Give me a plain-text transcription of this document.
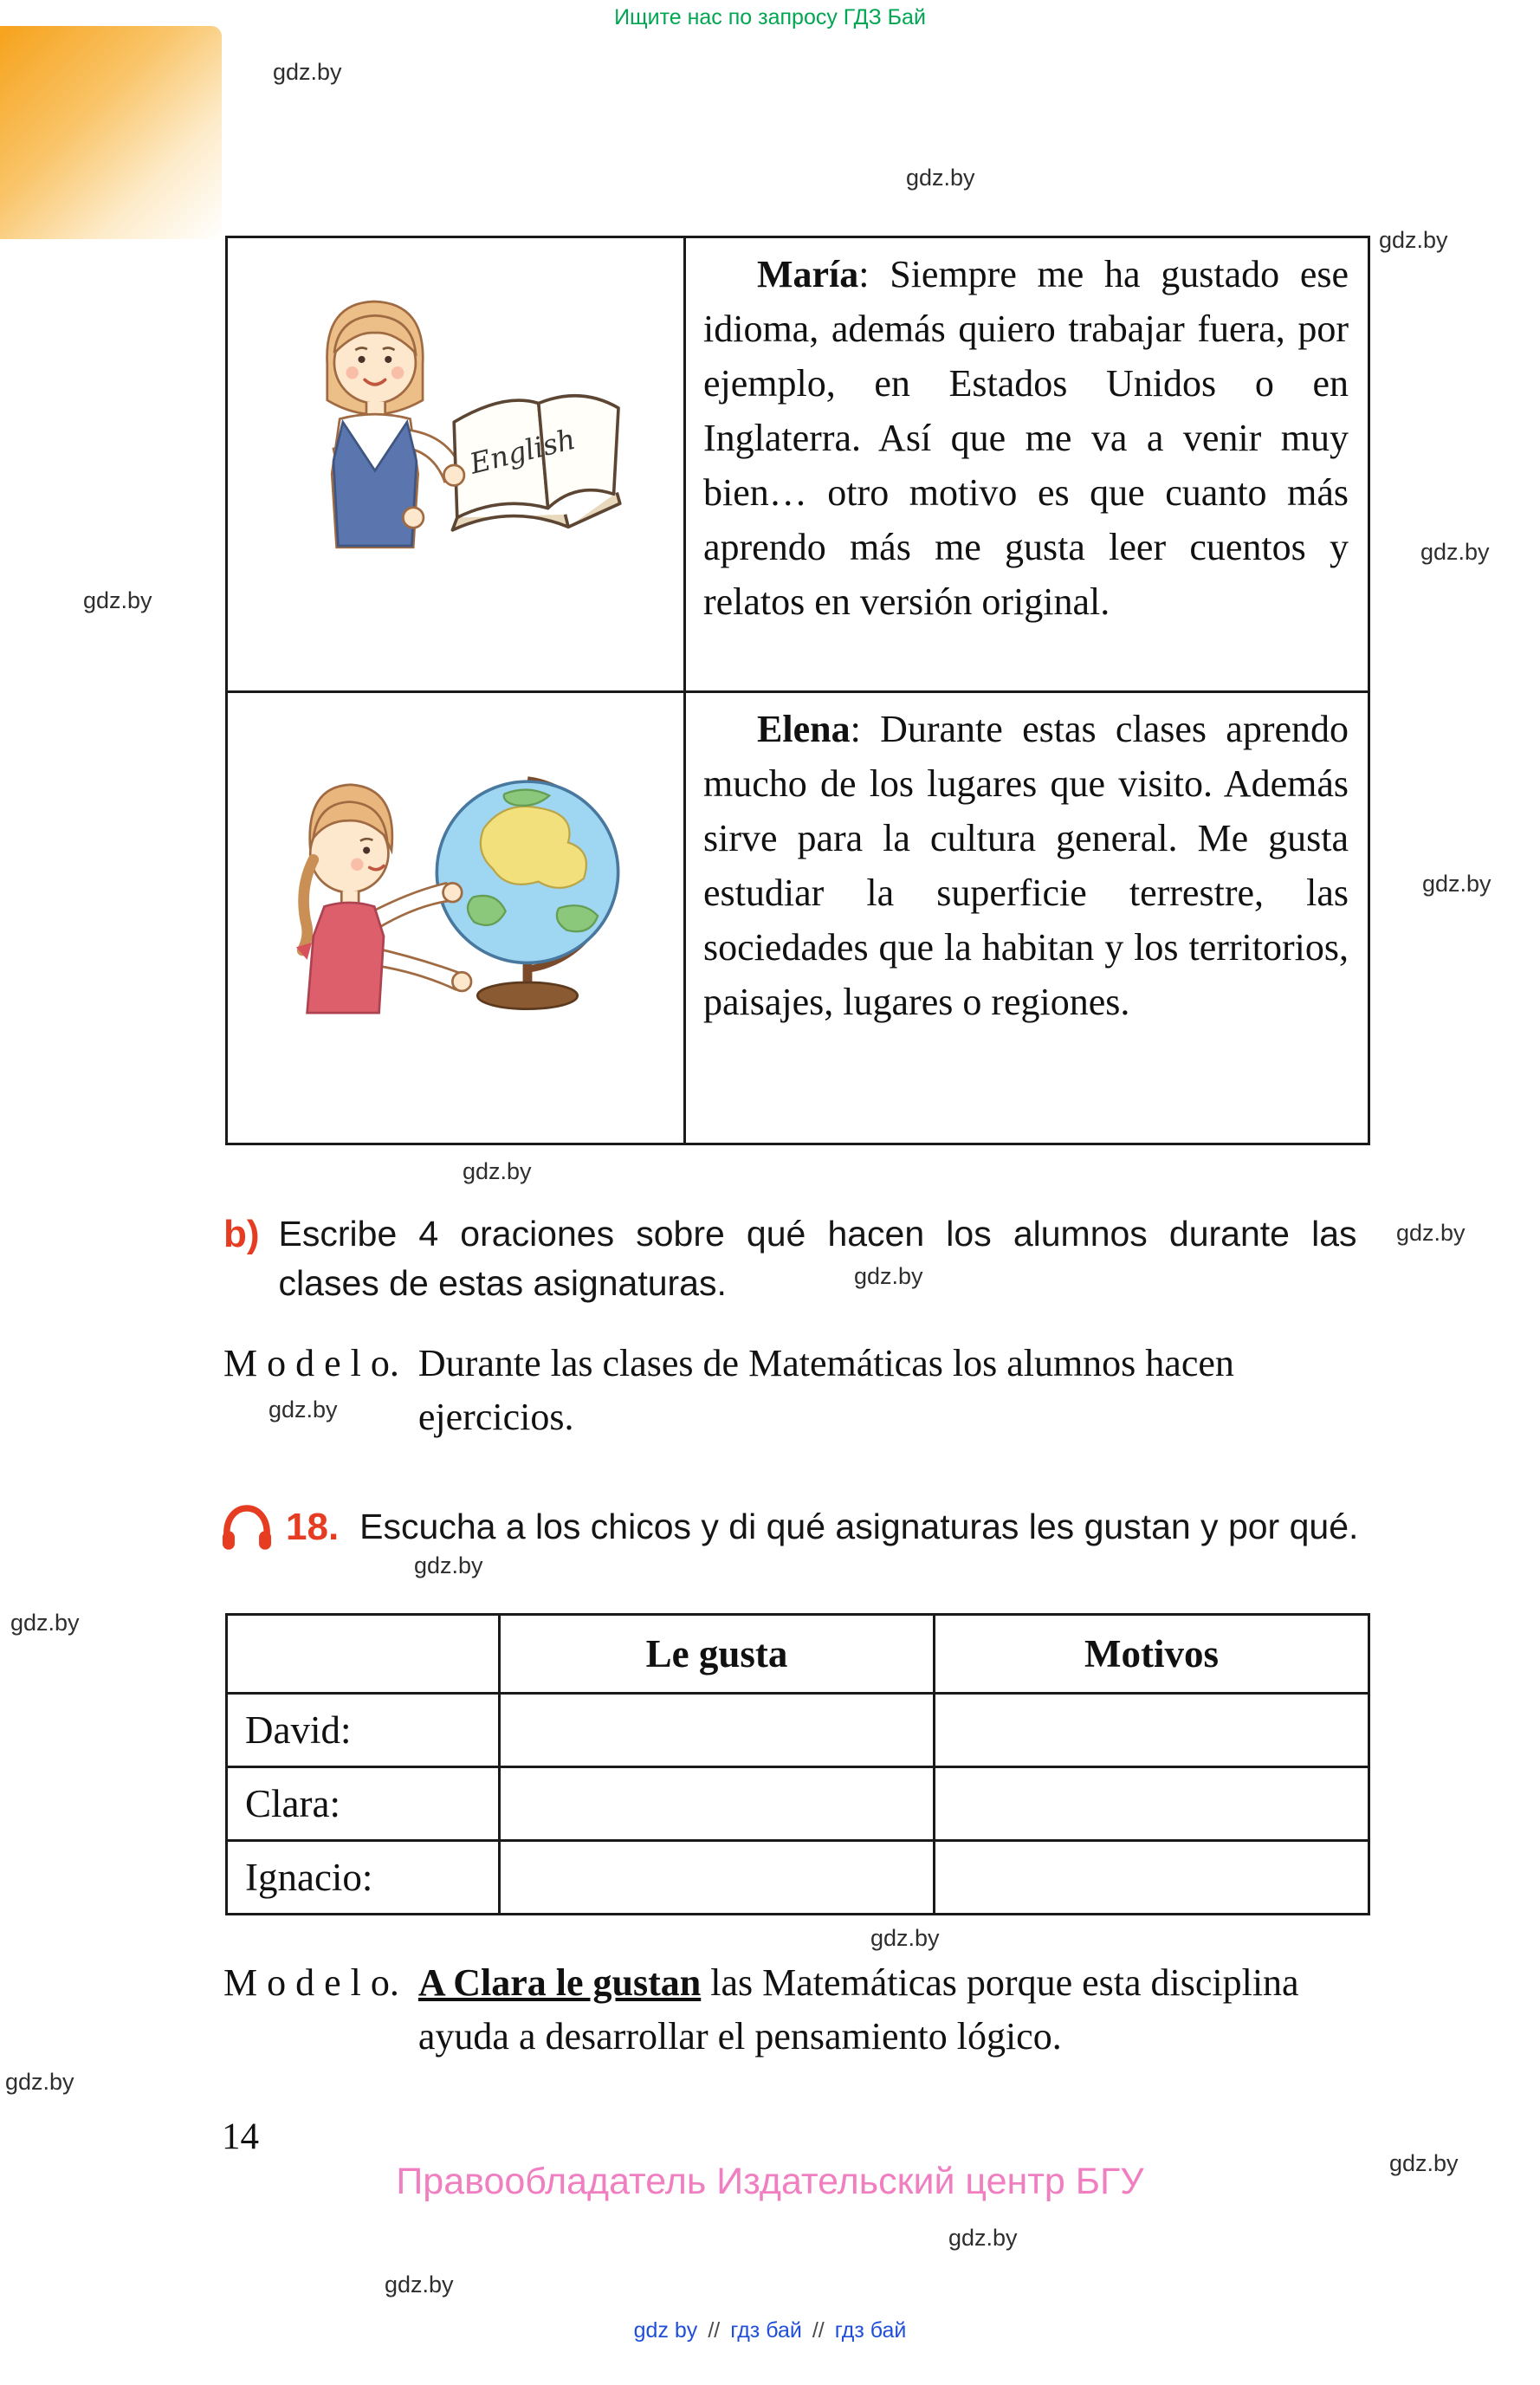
Ищите нас по запросу ГДЗ Бай
gdz.by
gdz.by
gdz.by
gdz.by
gdz.by
gdz.by
gdz.by
gdz.by
gdz.by
gdz.by
gdz.by
gdz.by
gdz.by
gdz.by
gdz.by
gdz.by
gdz.by
English

María: Siempre me ha gustado ese idioma, además quiero trabajar fuera, por ejemplo, en Estados Unidos o en Inglaterra. Así que me va a venir muy bien… otro motivo es que cuanto más aprendo más me gusta leer cuentos y relatos en versión original.

Elena: Durante estas clases aprendo mucho de los lugares que visito. Además sirve para la cultura general. Me gusta estudiar la superficie terrestre, las sociedades que la habitan y los territorios, paisajes, lugares o regiones.

b) Escribe 4 oraciones sobre qué hacen los alumnos durante las clases de estas asignaturas.

M o d e l o. Durante las clases de Matemáticas los alumnos hacen ejercicios.

18. Escucha a los chicos y di qué asignaturas les gustan y por qué.

Le gusta	Motivos
David:
Clara:
Ignacio:
M o d e l o. A Clara le gustan las Matemáticas porque esta disciplina ayuda a desarrollar el pensamiento lógico.

14
Правообладатель Издательский центр БГУ
gdz by // гдз бай // гдз бай
